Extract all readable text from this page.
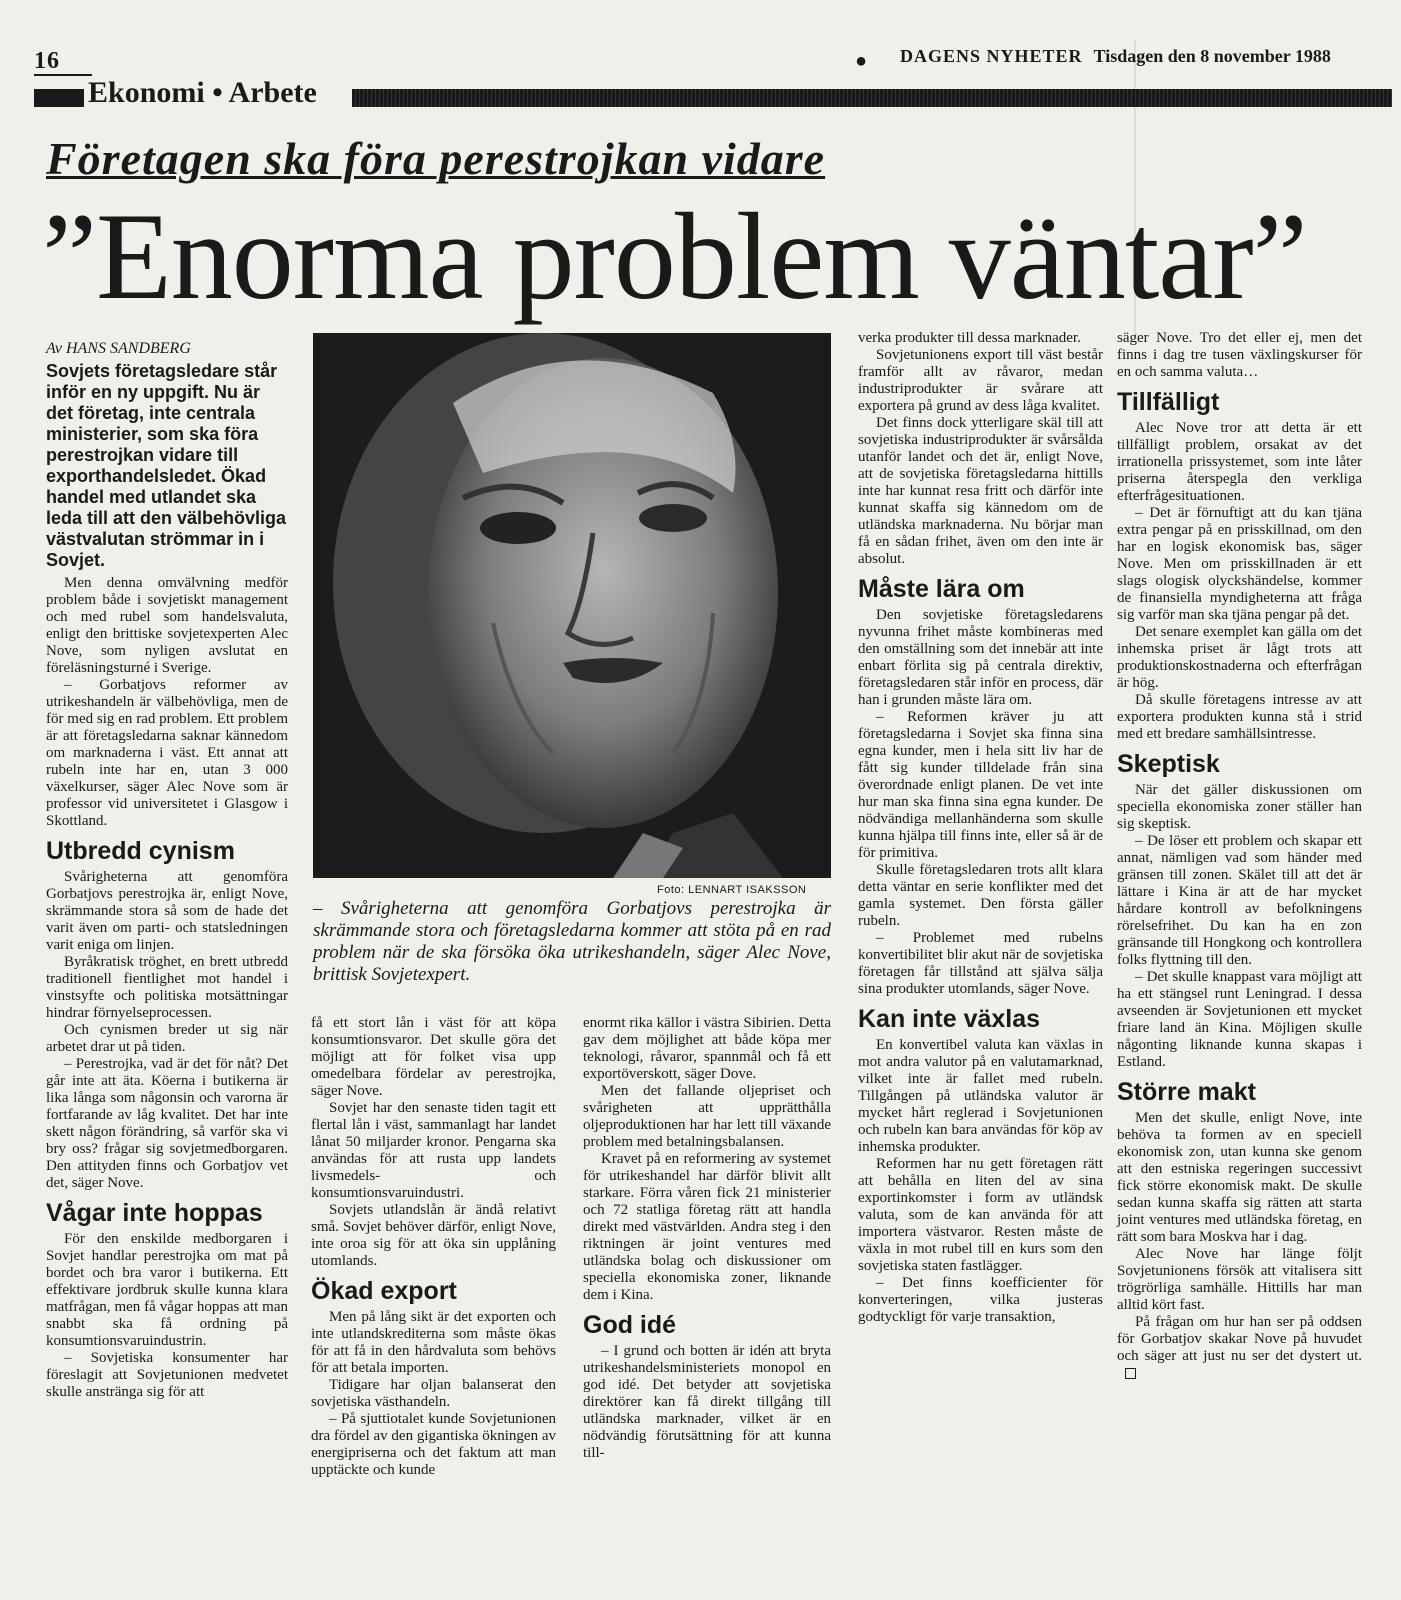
16	● DAGENS NYHETER Tisdagen den 8 november 1988
Ekonomi • Arbete
Företagen ska föra perestrojkan vidare
”Enorma problem väntar”
Av HANS SANDBERG
Sovjets företagsledare står inför en ny uppgift. Nu är det företag, inte centrala ministerier, som ska föra perestrojkan vidare till exporthandelsledet. Ökad handel med utlandet ska leda till att den välbehövliga västvalutan strömmar in i Sovjet.

Men denna omvälvning medför problem både i sovjetiskt management och med rubel som handelsvaluta, enligt den brittiske sovjetexperten Alec Nove, som nyligen avslutat en föreläsningsturné i Sverige.

– Gorbatjovs reformer av utrikeshandeln är välbehövliga, men de för med sig en rad problem. Ett problem är att företagsledarna saknar kännedom om marknaderna i väst. Ett annat att rubeln inte har en, utan 3 000 växelkurser, säger Alec Nove som är professor vid universitetet i Glasgow i Skottland.

Utbredd cynism

Svårigheterna att genomföra Gorbatjovs perestrojka är, enligt Nove, skrämmande stora så som de hade det varit även om parti- och statsledningen varit eniga om linjen.

Byråkratisk tröghet, en brett utbredd traditionell fientlighet mot handel i vinstsyfte och politiska motsättningar hindrar förnyelseprocessen.

Och cynismen breder ut sig när arbetet drar ut på tiden.

– Perestrojka, vad är det för nåt? Det går inte att äta. Köerna i butikerna är lika långa som någonsin och varorna är fortfarande av låg kvalitet. Det har inte skett någon förändring, så varför ska vi bry oss? frågar sig sovjetmedborgaren. Den attityden finns och Gorbatjov vet det, säger Nove.

Vågar inte hoppas

För den enskilde medborgaren i Sovjet handlar perestrojka om mat på bordet och bra varor i butikerna. Ett effektivare jordbruk skulle kunna klara matfrågan, men få vågar hoppas att man snabbt ska få ordning på konsumtionsvaruindustrin.

– Sovjetiska konsumenter har föreslagit att Sovjetunionen medvetet skulle anstränga sig för att

Foto: LENNART ISAKSSON
– Svårigheterna att genomföra Gorbatjovs perestrojka är skrämmande stora och företagsledarna kommer att stöta på en rad problem när de ska försöka öka utrikeshandeln, säger Alec Nove, brittisk Sovjetexpert.

få ett stort lån i väst för att köpa konsumtionsvaror. Det skulle göra det möjligt att för folket visa upp omedelbara fördelar av perestrojka, säger Nove.

Sovjet har den senaste tiden tagit ett flertal lån i väst, sammanlagt har landet lånat 50 miljarder kronor. Pengarna ska användas för att rusta upp landets livsmedels- och konsumtionsvaruindustri.

Sovjets utlandslån är ändå relativt små. Sovjet behöver därför, enligt Nove, inte oroa sig för att öka sin upplåning utomlands.

Ökad export

Men på lång sikt är det exporten och inte utlandskrediterna som måste ökas för att få in den hårdvaluta som behövs för att betala importen.

Tidigare har oljan balanserat den sovjetiska västhandeln.

– På sjuttiotalet kunde Sovjetunionen dra fördel av den gigantiska ökningen av energipriserna och det faktum att man upptäckte och kunde

enormt rika källor i västra Sibirien. Detta gav dem möjlighet att både köpa mer teknologi, råvaror, spannmål och få ett exportöverskott, säger Dove.

Men det fallande oljepriset och svårigheten att upprätthålla oljeproduktionen har har lett till växande problem med betalningsbalansen.

Kravet på en reformering av systemet för utrikeshandel har därför blivit allt starkare. Förra våren fick 21 ministerier och 72 statliga företag rätt att handla direkt med västvärlden. Andra steg i den riktningen är joint ventures med utländska bolag och diskussioner om speciella ekonomiska zoner, liknande dem i Kina.

God idé

– I grund och botten är idén att bryta utrikeshandelsministeriets monopol en god idé. Det betyder att sovjetiska direktörer kan få direkt tillgång till utländska marknader, vilket är en nödvändig förutsättning för att kunna till-

verka produkter till dessa marknader.

Sovjetunionens export till väst består framför allt av råvaror, medan industriprodukter är svårare att exportera på grund av dess låga kvalitet.

Det finns dock ytterligare skäl till att sovjetiska industriprodukter är svårsålda utanför landet och det är, enligt Nove, att de sovjetiska företagsledarna hittills inte har kunnat resa fritt och därför inte kunnat skaffa sig kännedom om de utländska marknaderna. Nu börjar man få en sådan frihet, även om den inte är absolut.

Måste lära om

Den sovjetiske företagsledarens nyvunna frihet måste kombineras med den omställning som det innebär att inte enbart förlita sig på centrala direktiv, företagsledaren står inför en process, där han i grunden måste lära om.

– Reformen kräver ju att företagsledarna i Sovjet ska finna sina egna kunder, men i hela sitt liv har de fått sig kunder tilldelade från sina överordnade enligt planen. De vet inte hur man ska finna sina egna kunder. De nödvändiga mellanhänderna som skulle kunna hjälpa till finns inte, eller så är de för primitiva.

Skulle företagsledaren trots allt klara detta väntar en serie konflikter med det gamla systemet. Den första gäller rubeln.

– Problemet med rubelns konvertibilitet blir akut när de sovjetiska företagen får tillstånd att själva sälja sina produkter utomlands, säger Nove.

Kan inte växlas

En konvertibel valuta kan växlas in mot andra valutor på en valutamarknad, vilket inte är fallet med rubeln. Tillgången på utländska valutor är mycket hårt reglerad i Sovjetunionen och rubeln kan bara användas för köp av inhemska produkter.

Reformen har nu gett företagen rätt att behålla en liten del av sina exportinkomster i form av utländsk valuta, som de kan använda för att importera västvaror. Resten måste de växla in mot rubel till en kurs som den sovjetiska staten fastlägger.

– Det finns koefficienter för konverteringen, vilka justeras godtyckligt för varje transaktion,

säger Nove. Tro det eller ej, men det finns i dag tre tusen växlingskurser för en och samma valuta…

Tillfälligt

Alec Nove tror att detta är ett tillfälligt problem, orsakat av det irrationella prissystemet, som inte låter priserna återspegla den verkliga efterfrågesituationen.

– Det är förnuftigt att du kan tjäna extra pengar på en prisskillnad, om den har en logisk ekonomisk bas, säger Nove. Men om prisskillnaden är ett slags ologisk olyckshändelse, kommer de finansiella myndigheterna att fråga sig varför man ska tjäna pengar på det.

Det senare exemplet kan gälla om det inhemska priset är lågt trots att produktionskostnaderna och efterfrågan är hög.

Då skulle företagens intresse av att exportera produkten kunna stå i strid med ett bredare samhällsintresse.

Skeptisk

När det gäller diskussionen om speciella ekonomiska zoner ställer han sig skeptisk.

– De löser ett problem och skapar ett annat, nämligen vad som händer med gränsen till zonen. Skälet till att det är lättare i Kina är att de har mycket hårdare kontroll av befolkningens rörelsefrihet. Du kan ha en zon gränsande till Hongkong och kontrollera folks flyttning till den.

– Det skulle knappast vara möjligt att ha ett stängsel runt Leningrad. I dessa avseenden är Sovjetunionen ett mycket friare land än Kina. Möjligen skulle någonting liknande kunna skapas i Estland.

Större makt

Men det skulle, enligt Nove, inte behöva ta formen av en speciell ekonomisk zon, utan kunna ske genom att den estniska regeringen successivt fick större ekonomisk makt. De skulle sedan kunna skaffa sig rätten att starta joint ventures med utländska företag, en rätt som bara Moskva har i dag.

Alec Nove har länge följt Sovjetunionens försök att vitalisera sitt trögrörliga samhälle. Hittills har man alltid kört fast.

På frågan om hur han ser på oddsen för Gorbatjov skakar Nove på huvudet och säger att just nu ser det dystert ut.
